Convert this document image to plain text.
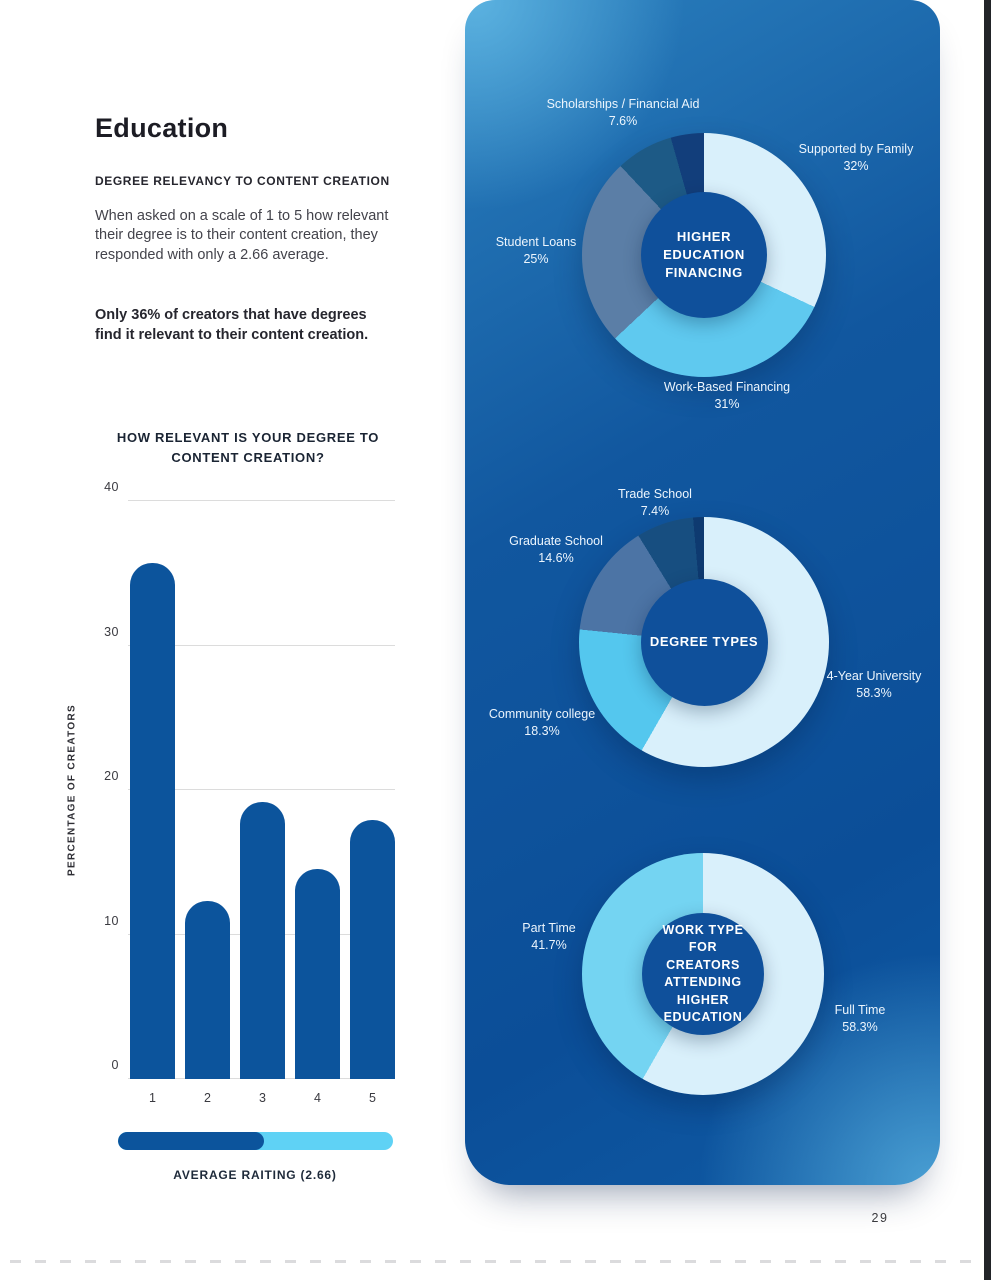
Education
DEGREE RELEVANCY TO CONTENT CREATION

When asked on a scale of 1 to 5 how relevant their degree is to their content creation, they responded with only a 2.66 average.

Only 36% of creators that have degrees find it relevant to their content creation.

HOW RELEVANT IS YOUR DEGREE TO CONTENT CREATION?
PERCENTAGE OF CREATORS
0
10
20
30
40
1	2	3	4	5
AVERAGE RAITING (2.66)
HIGHER
EDUCATION
FINANCING
Scholarships / Financial Aid
7.6%
Supported by Family
32%
Student Loans
25%
Work-Based Financing
31%
DEGREE TYPES
Trade School
7.4%
Graduate School
14.6%
Community college
18.3%
4-Year University
58.3%
WORK TYPE
FOR
CREATORS
ATTENDING
HIGHER
EDUCATION
Part Time
41.7%
Full Time
58.3%
29
